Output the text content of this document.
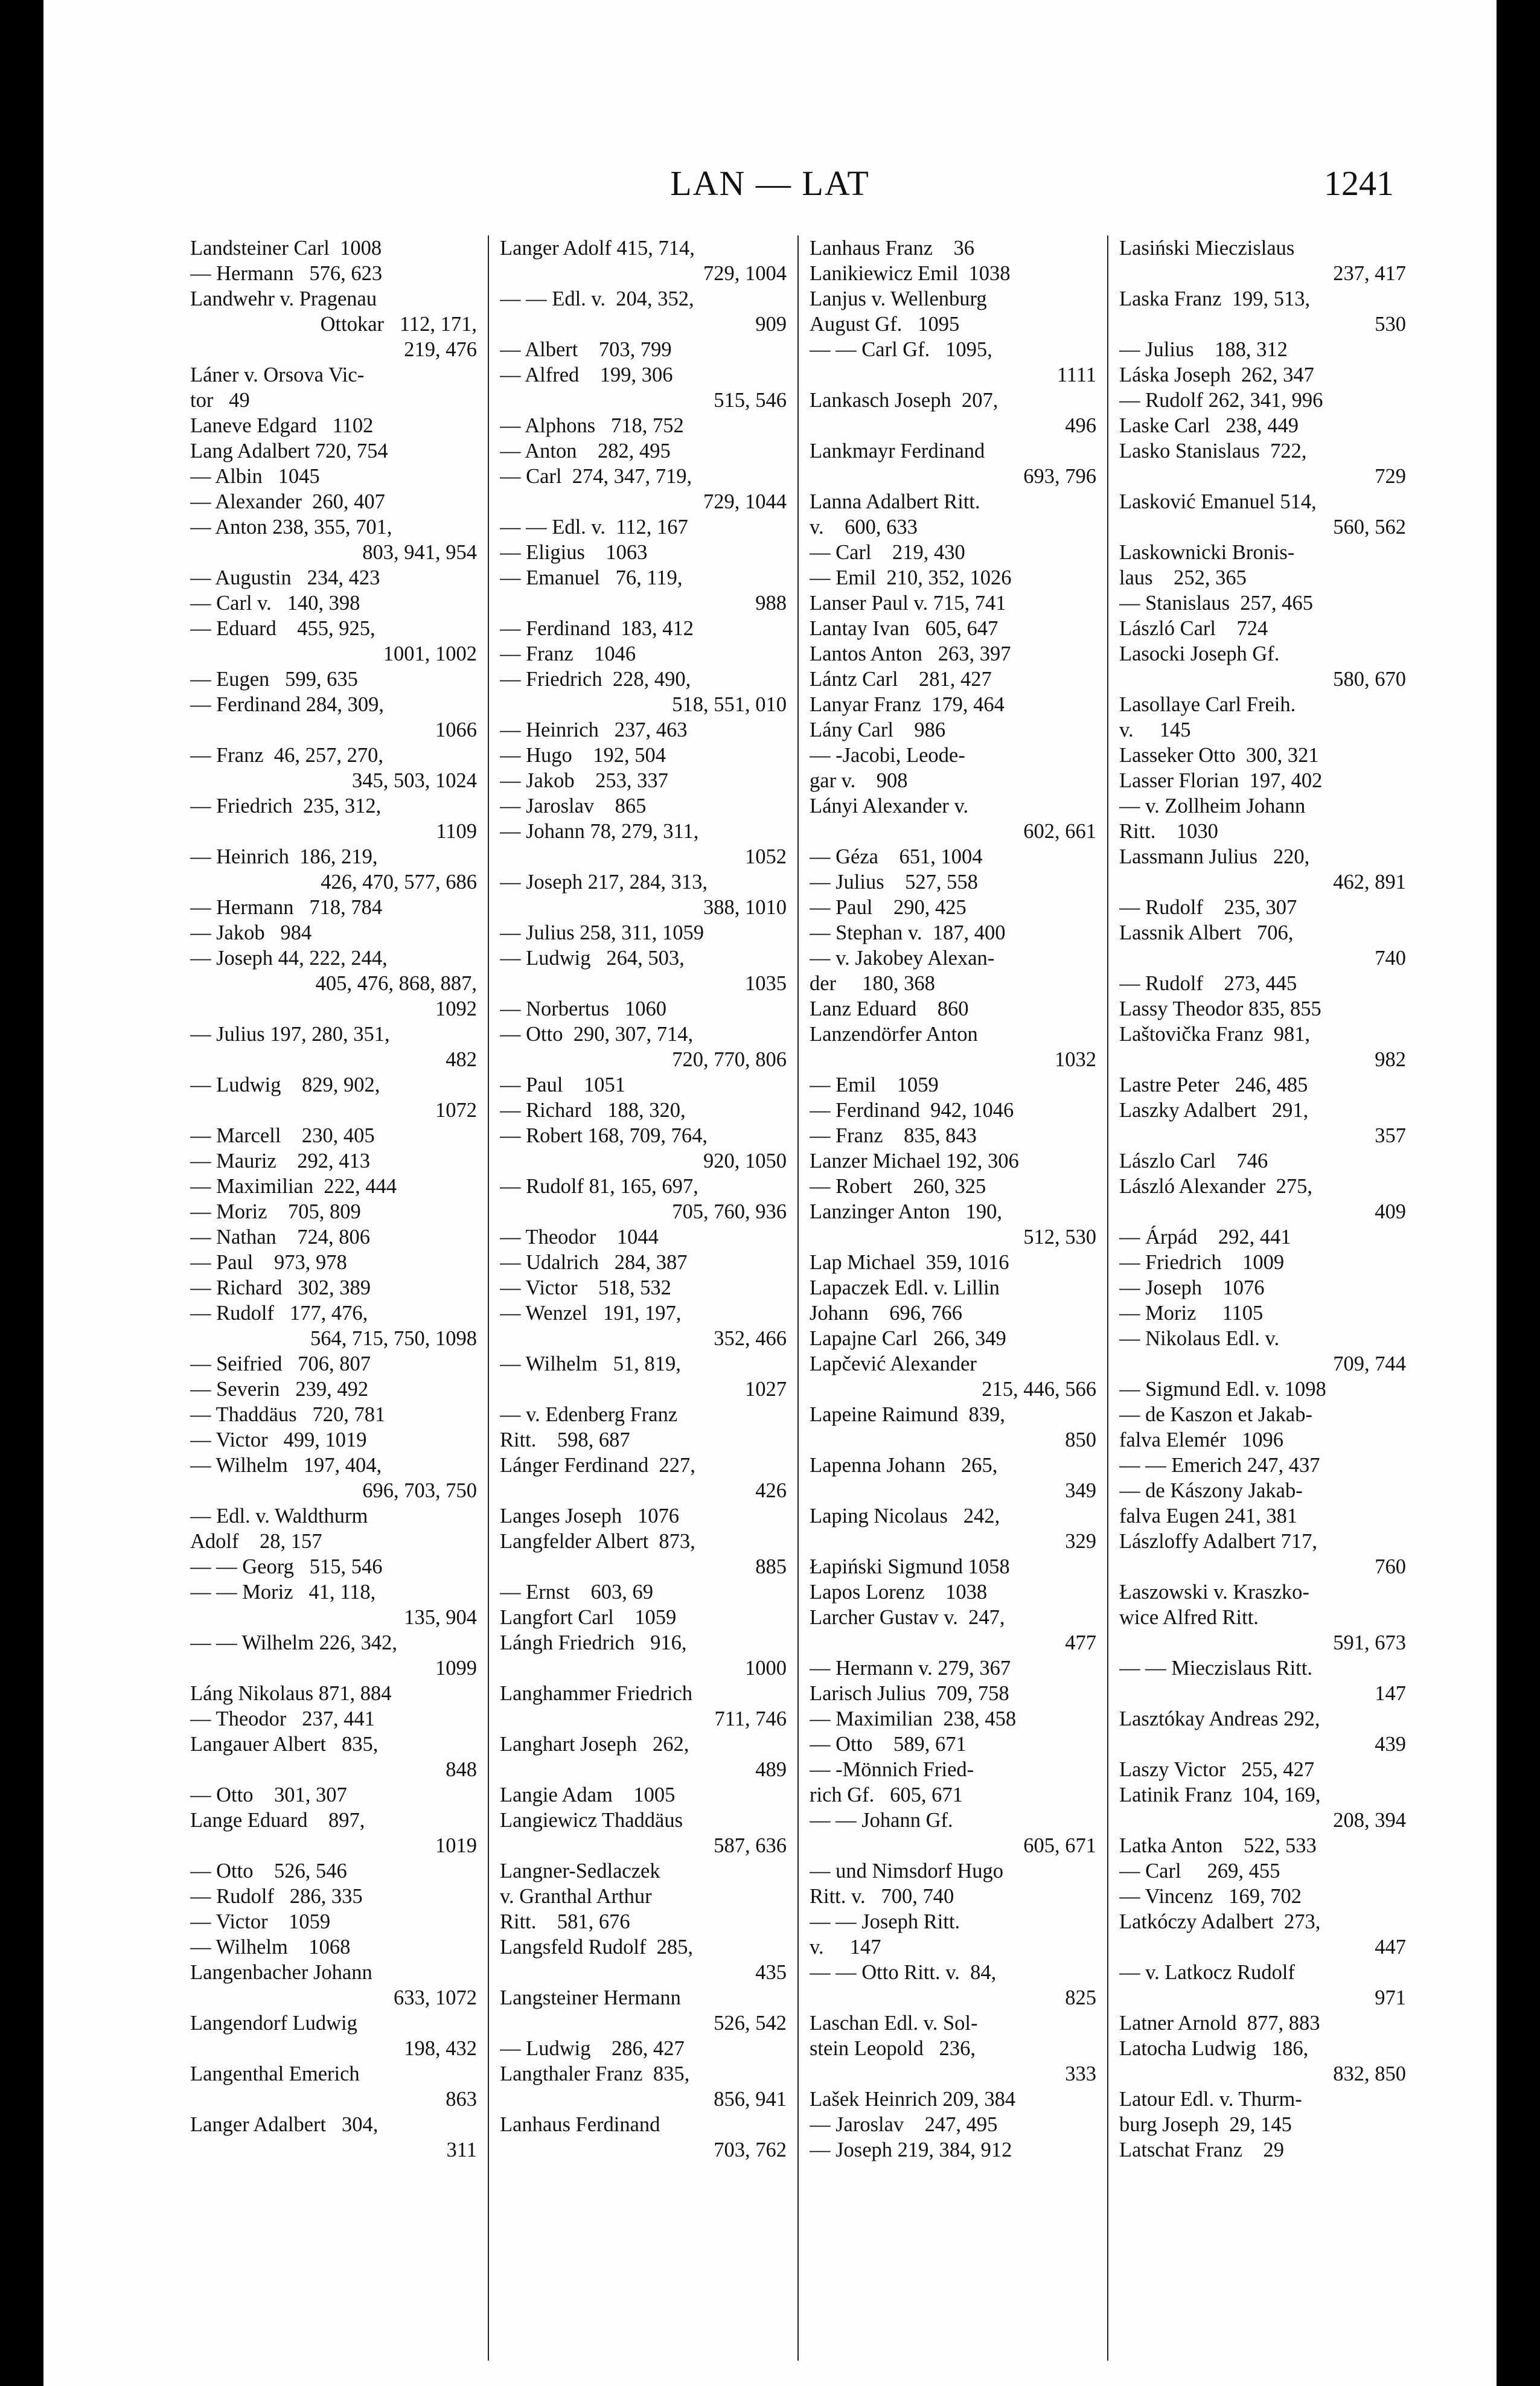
LAN — LAT	1241
Landsteiner Carl  1008
— Hermann   576, 623
Landwehr v. Pragenau
Ottokar   112, 171,
219, 476
Láner v. Orsova Vic-
tor   49
Laneve Edgard   1102
Lang Adalbert 720, 754
— Albin   1045
— Alexander  260, 407
— Anton 238, 355, 701,
803, 941, 954
— Augustin   234, 423
— Carl v.   140, 398
— Eduard    455, 925,
1001, 1002
— Eugen   599, 635
— Ferdinand 284, 309,
1066
— Franz  46, 257, 270,
345, 503, 1024
— Friedrich  235, 312,
1109
— Heinrich  186, 219,
426, 470, 577, 686
— Hermann   718, 784
— Jakob   984
— Joseph 44, 222, 244,
405, 476, 868, 887,
1092
— Julius 197, 280, 351,
482
— Ludwig    829, 902,
1072
— Marcell    230, 405
— Mauriz    292, 413
— Maximilian  222, 444
— Moriz    705, 809
— Nathan    724, 806
— Paul    973, 978
— Richard   302, 389
— Rudolf   177, 476,
564, 715, 750, 1098
— Seifried   706, 807
— Severin   239, 492
— Thaddäus   720, 781
— Victor   499, 1019
— Wilhelm   197, 404,
696, 703, 750
— Edl. v. Waldthurm
Adolf    28, 157
— — Georg   515, 546
— — Moriz   41, 118,
135, 904
— — Wilhelm 226, 342,
1099
Láng Nikolaus 871, 884
— Theodor   237, 441
Langauer Albert   835,
848
— Otto    301, 307
Lange Eduard    897,
1019
— Otto    526, 546
— Rudolf   286, 335
— Victor    1059
— Wilhelm    1068
Langenbacher Johann
633, 1072
Langendorf Ludwig
198, 432
Langenthal Emerich
863
Langer Adalbert   304,
311
Langer Adolf 415, 714,
729, 1004
— — Edl. v.  204, 352,
909
— Albert    703, 799
— Alfred    199, 306
515, 546
— Alphons   718, 752
— Anton    282, 495
— Carl  274, 347, 719,
729, 1044
— — Edl. v.  112, 167
— Eligius    1063
— Emanuel   76, 119,
988
— Ferdinand  183, 412
— Franz    1046
— Friedrich  228, 490,
518, 551, 010
— Heinrich   237, 463
— Hugo    192, 504
— Jakob    253, 337
— Jaroslav    865
— Johann 78, 279, 311,
1052
— Joseph 217, 284, 313,
388, 1010
— Julius 258, 311, 1059
— Ludwig   264, 503,
1035
— Norbertus   1060
— Otto  290, 307, 714,
720, 770, 806
— Paul    1051
— Richard   188, 320,
— Robert 168, 709, 764,
920, 1050
— Rudolf 81, 165, 697,
705, 760, 936
— Theodor    1044
— Udalrich   284, 387
— Victor    518, 532
— Wenzel   191, 197,
352, 466
— Wilhelm   51, 819,
1027
— v. Edenberg Franz
Ritt.    598, 687
Lánger Ferdinand  227,
426
Langes Joseph   1076
Langfelder Albert  873,
885
— Ernst    603, 69
Langfort Carl    1059
Lángh Friedrich   916,
1000
Langhammer Friedrich
711, 746
Langhart Joseph   262,
489
Langie Adam    1005
Langiewicz Thaddäus
587, 636
Langner-Sedlaczek
v. Granthal Arthur
Ritt.    581, 676
Langsfeld Rudolf  285,
435
Langsteiner Hermann
526, 542
— Ludwig    286, 427
Langthaler Franz  835,
856, 941
Lanhaus Ferdinand
703, 762
Lanhaus Franz    36
Lanikiewicz Emil  1038
Lanjus v. Wellenburg
August Gf.   1095
— — Carl Gf.   1095,
1111
Lankasch Joseph  207,
496
Lankmayr Ferdinand
693, 796
Lanna Adalbert Ritt.
v.    600, 633
— Carl    219, 430
— Emil  210, 352, 1026
Lanser Paul v. 715, 741
Lantay Ivan   605, 647
Lantos Anton   263, 397
Lántz Carl    281, 427
Lanyar Franz  179, 464
Lány Carl    986
— -Jacobi, Leode-
gar v.    908
Lányi Alexander v.
602, 661
— Géza    651, 1004
— Julius    527, 558
— Paul    290, 425
— Stephan v.  187, 400
— v. Jakobey Alexan-
der     180, 368
Lanz Eduard    860
Lanzendörfer Anton
1032
— Emil    1059
— Ferdinand  942, 1046
— Franz    835, 843
Lanzer Michael 192, 306
— Robert    260, 325
Lanzinger Anton   190,
512, 530
Lap Michael  359, 1016
Lapaczek Edl. v. Lillin
Johann    696, 766
Lapajne Carl   266, 349
Lapčević Alexander
215, 446, 566
Lapeine Raimund  839,
850
Lapenna Johann   265,
349
Laping Nicolaus   242,
329
Łapiński Sigmund 1058
Lapos Lorenz    1038
Larcher Gustav v.  247,
477
— Hermann v. 279, 367
Larisch Julius  709, 758
— Maximilian  238, 458
— Otto    589, 671
— -Mönnich Fried-
rich Gf.   605, 671
— — Johann Gf.
605, 671
— und Nimsdorf Hugo
Ritt. v.   700, 740
— — Joseph Ritt.
v.     147
— — Otto Ritt. v.  84,
825
Laschan Edl. v. Sol-
stein Leopold   236,
333
Lašek Heinrich 209, 384
— Jaroslav    247, 495
— Joseph 219, 384, 912
Lasiński Mieczislaus
237, 417
Laska Franz  199, 513,
530
— Julius    188, 312
Láska Joseph  262, 347
— Rudolf 262, 341, 996
Laske Carl   238, 449
Lasko Stanislaus  722,
729
Lasković Emanuel 514,
560, 562
Laskownicki Bronis-
laus    252, 365
— Stanislaus  257, 465
László Carl    724
Lasocki Joseph Gf.
580, 670
Lasollaye Carl Freih.
v.     145
Lasseker Otto  300, 321
Lasser Florian  197, 402
— v. Zollheim Johann
Ritt.    1030
Lassmann Julius   220,
462, 891
— Rudolf    235, 307
Lassnik Albert   706,
740
— Rudolf    273, 445
Lassy Theodor 835, 855
Laštovička Franz  981,
982
Lastre Peter   246, 485
Laszky Adalbert   291,
357
Lászlo Carl    746
László Alexander  275,
409
— Árpád    292, 441
— Friedrich    1009
— Joseph    1076
— Moriz     1105
— Nikolaus Edl. v.
709, 744
— Sigmund Edl. v. 1098
— de Kaszon et Jakab-
falva Elemér   1096
— — Emerich 247, 437
— de Kászony Jakab-
falva Eugen 241, 381
Lászloffy Adalbert 717,
760
Łaszowski v. Kraszko-
wice Alfred Ritt.
591, 673
— — Mieczislaus Ritt.
147
Lasztókay Andreas 292,
439
Laszy Victor   255, 427
Latinik Franz  104, 169,
208, 394
Latka Anton    522, 533
— Carl     269, 455
— Vincenz   169, 702
Latkóczy Adalbert  273,
447
— v. Latkocz Rudolf
971
Latner Arnold  877, 883
Latocha Ludwig   186,
832, 850
Latour Edl. v. Thurm-
burg Joseph  29, 145
Latschat Franz    29
